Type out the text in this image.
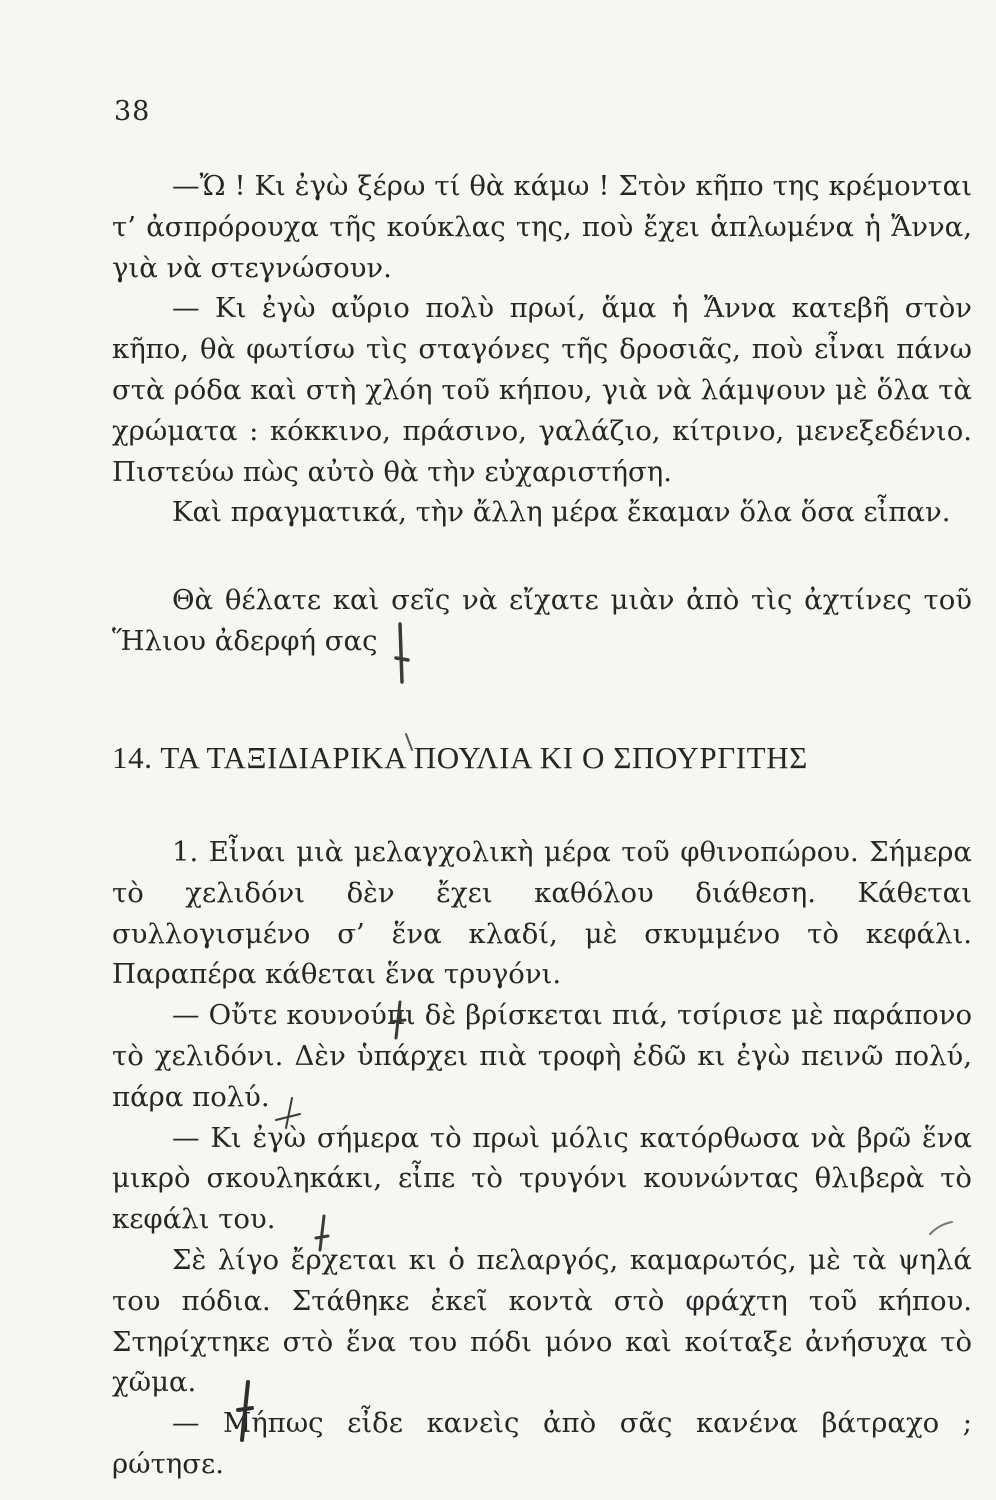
38

—Ὤ ! Κι ἐγὼ ξέρω τί θὰ κάμω ! Στὸν κῆπο της κρέμονται τ’ ἀσπρόρουχα τῆς κούκλας της, ποὺ ἔχει ἁπλωμένα ἡ Ἄννα, γιὰ νὰ στεγνώσουν.

— Κι ἐγὼ αὔριο πολὺ πρωί, ἅμα ἡ Ἄννα κατεβῆ στὸν κῆπο, θὰ φωτίσω τὶς σταγόνες τῆς δροσιᾶς, ποὺ εἶναι πάνω στὰ ρόδα καὶ στὴ χλόη τοῦ κήπου, γιὰ νὰ λάμψουν μὲ ὅλα τὰ χρώματα : κόκκινο, πράσινο, γαλάζιο, κίτρινο, μενεξεδένιο. Πιστεύω πὼς αὐτὸ θὰ τὴν εὐχαριστήση.

Καὶ πραγματικά, τὴν ἄλλη μέρα ἔκαμαν ὅλα ὅσα εἶπαν.

Θὰ θέλατε καὶ σεῖς νὰ εἴχατε μιὰν ἀπὸ τὶς ἀχτίνες τοῦ Ἥλιου ἀδερφή σας

14. ΤΑ ΤΑΞΙΔΙΑΡΙΚΑ ΠΟΥΛΙΑ ΚΙ Ο ΣΠΟΥΡΓΙΤΗΣ

1. Εἶναι μιὰ μελαγχολικὴ μέρα τοῦ φθινοπώρου. Σήμερα τὸ χελιδόνι δὲν ἔχει καθόλου διάθεση. Κάθεται συλλογισμένο σ’ ἕνα κλαδί, μὲ σκυμμένο τὸ κεφάλι. Παραπέρα κάθεται ἕνα τρυγόνι.

— Οὔτε κουνούπι δὲ βρίσκεται πιά, τσίρισε μὲ παράπονο τὸ χελιδόνι. Δὲν ὑπάρχει πιὰ τροφὴ ἐδῶ κι ἐγὼ πεινῶ πολύ, πάρα πολύ.

— Κι ἐγὼ σήμερα τὸ πρωὶ μόλις κατόρθωσα νὰ βρῶ ἕνα μικρὸ σκουληκάκι, εἶπε τὸ τρυγόνι κουνώντας θλιβερὰ τὸ κεφάλι του.

Σὲ λίγο ἔρχεται κι ὁ πελαργός, καμαρωτός, μὲ τὰ ψηλά του πόδια. Στάθηκε ἐκεῖ κοντὰ στὸ φράχτη τοῦ κήπου. Στηρίχτηκε στὸ ἕνα του πόδι μόνο καὶ κοίταξε ἀνήσυχα τὸ χῶμα.

— Μήπως εἶδε κανεὶς ἀπὸ σᾶς κανένα βάτραχο ; ρώτησε.
